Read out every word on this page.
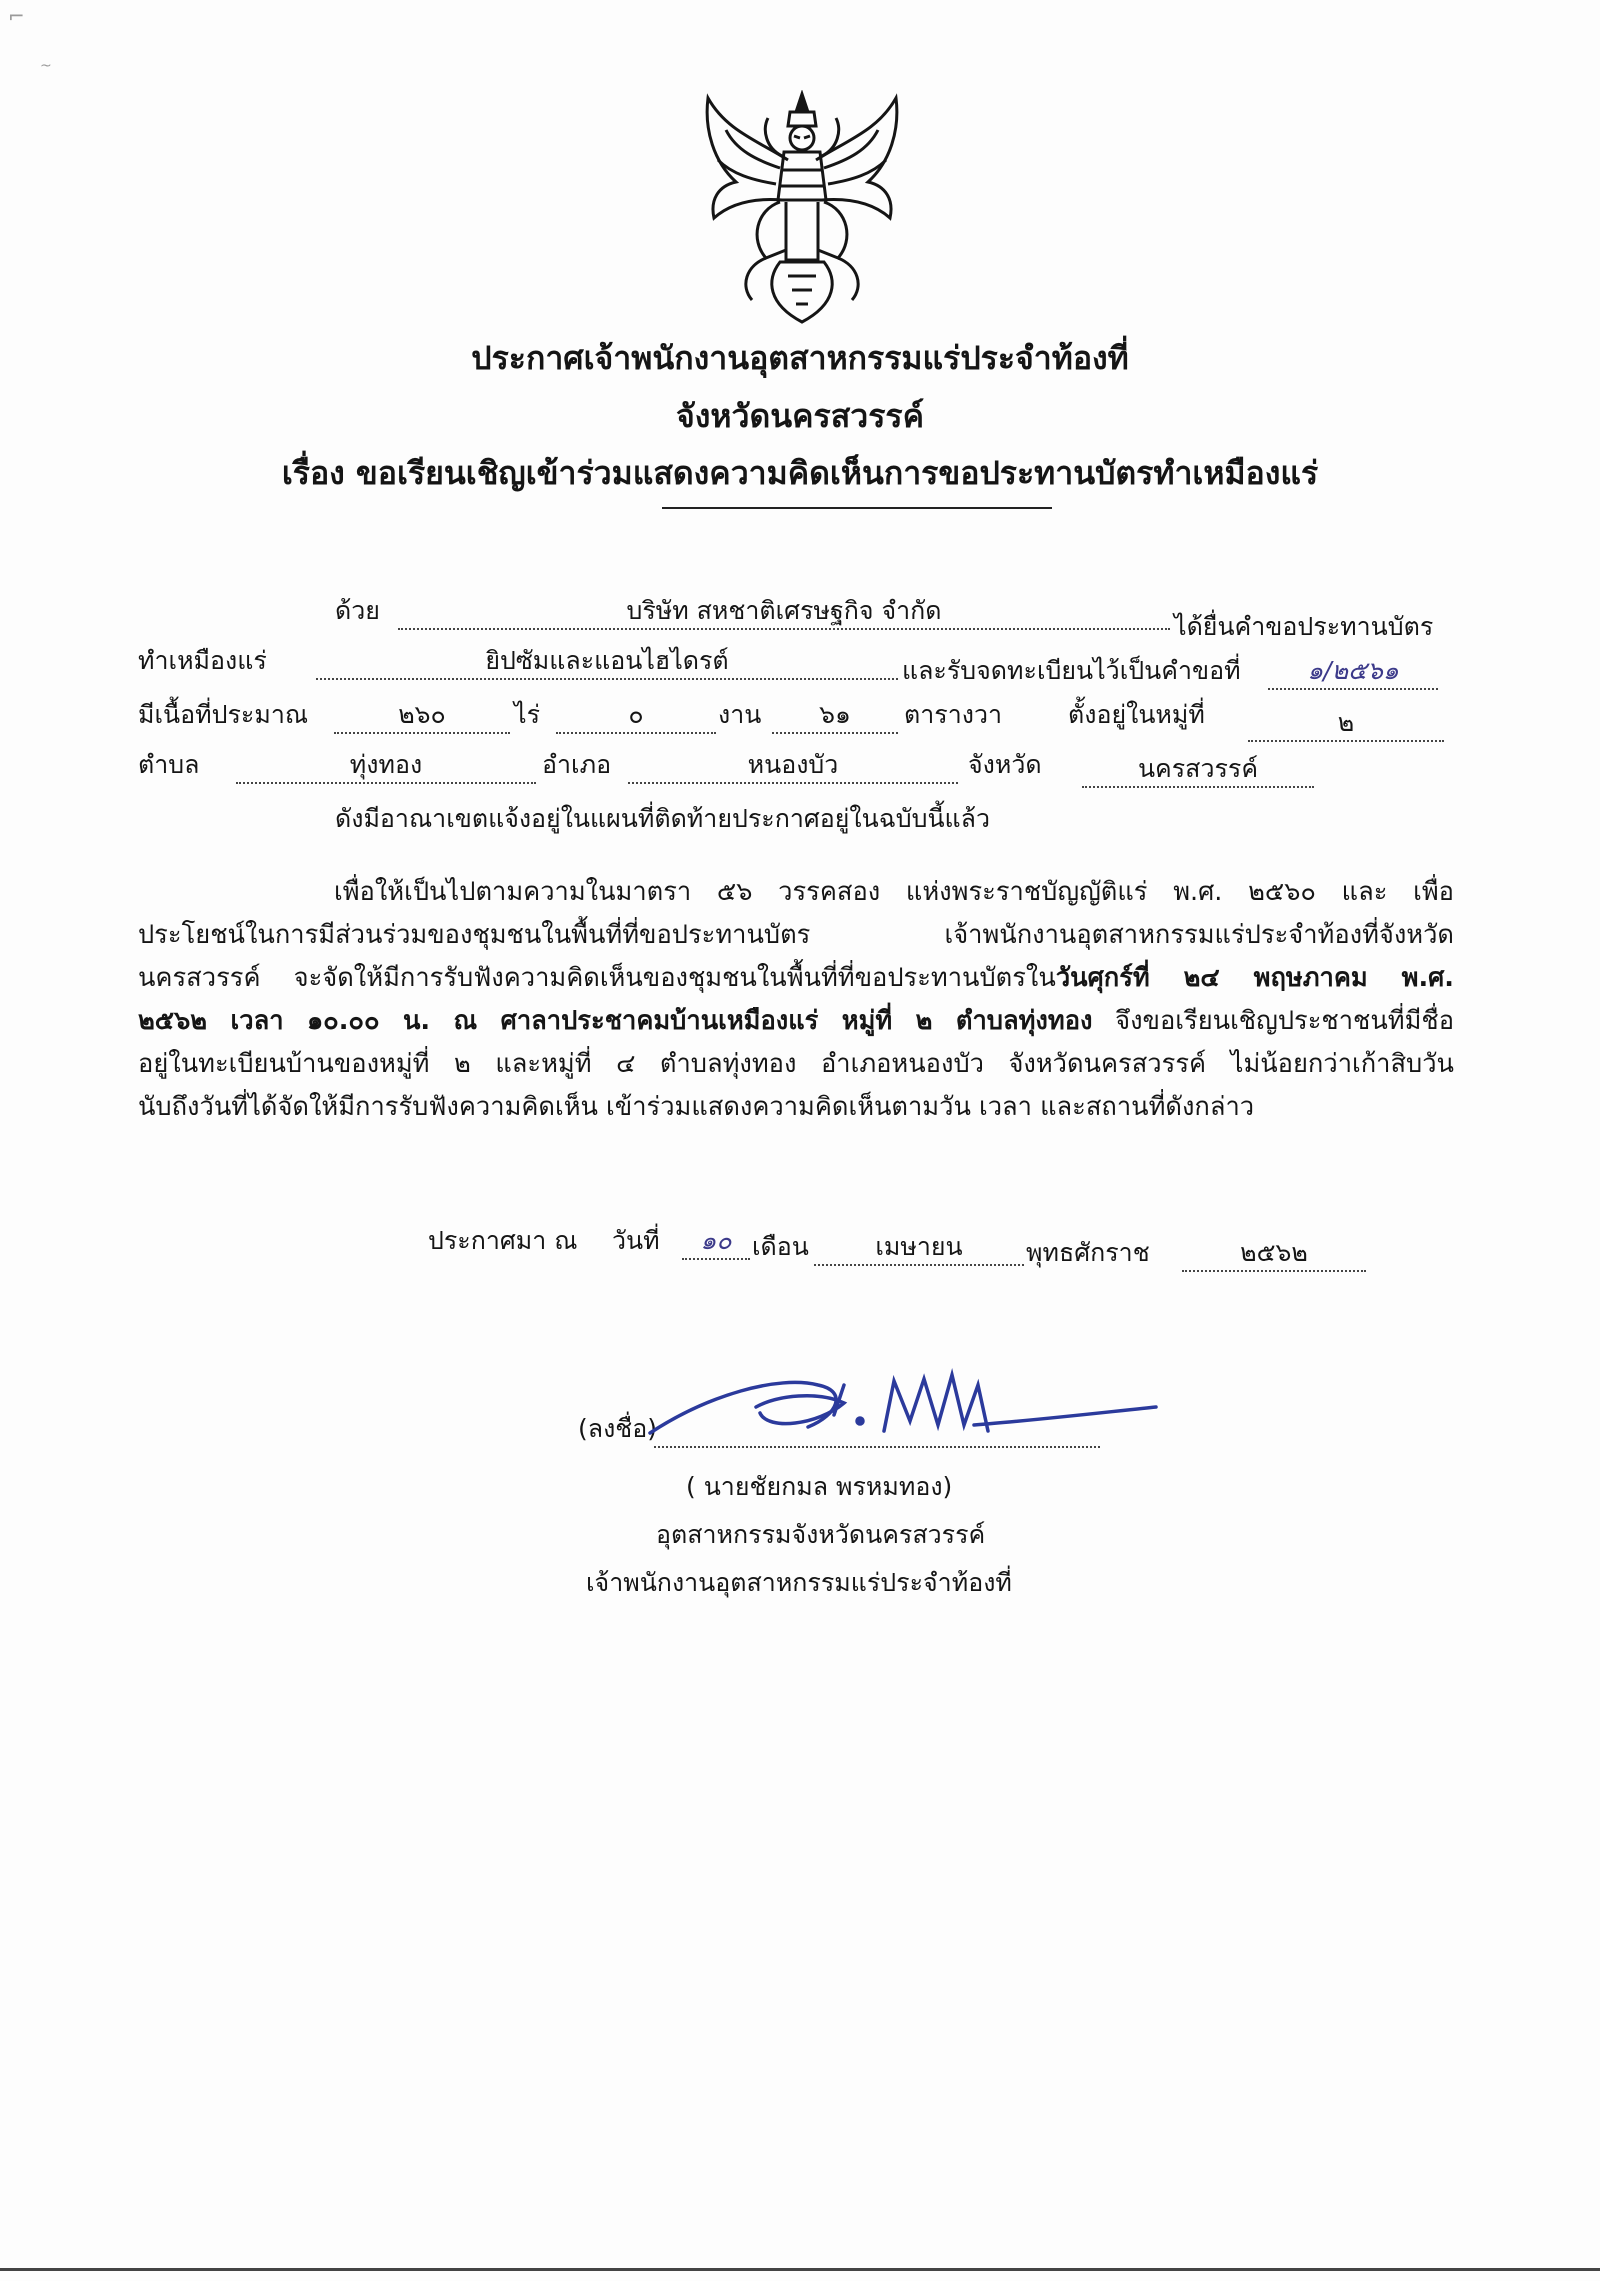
⌐
~
ประกาศเจ้าพนักงานอุตสาหกรรมแร่ประจำท้องที่
จังหวัดนครสวรรค์
เรื่อง ขอเรียนเชิญเข้าร่วมแสดงความคิดเห็นการขอประทานบัตรทำเหมืองแร่
ด้วย	บริษัท สหชาติเศรษฐกิจ จำกัด
ได้ยื่นคำขอประทานบัตร
ทำเหมืองแร่	ยิปซัมและแอนไฮไดรต์	และรับจดทะเบียนไว้เป็นคำขอที่	๑/๒๕๖๑
มีเนื้อที่ประมาณ	๒๖๐	ไร่	๐	งาน	๖๑	ตารางวา	ตั้งอยู่ในหมู่ที่	๒
ตำบล	ทุ่งทอง	อำเภอ	หนองบัว	จังหวัด	นครสวรรค์
ดังมีอาณาเขตแจ้งอยู่ในแผนที่ติดท้ายประกาศอยู่ในฉบับนี้แล้ว
เพื่อให้เป็นไปตามความในมาตรา ๕๖ วรรคสอง แห่งพระราชบัญญัติแร่ พ.ศ. ๒๕๖๐ และ เพื่อ
ประโยชน์ในการมีส่วนร่วมของชุมชนในพื้นที่ที่ขอประทานบัตร เจ้าพนักงานอุตสาหกรรมแร่ประจำท้องที่จังหวัด
นครสวรรค์ จะจัดให้มีการรับฟังความคิดเห็นของชุมชนในพื้นที่ที่ขอประทานบัตรในวันศุกร์ที่ ๒๔ พฤษภาคม พ.ศ.
๒๕๖๒ เวลา ๑๐.๐๐ น. ณ ศาลาประชาคมบ้านเหมืองแร่ หมู่ที่ ๒ ตำบลทุ่งทอง จึงขอเรียนเชิญประชาชนที่มีชื่อ
อยู่ในทะเบียนบ้านของหมู่ที่ ๒ และหมู่ที่ ๔ ตำบลทุ่งทอง อำเภอหนองบัว จังหวัดนครสวรรค์ ไม่น้อยกว่าเก้าสิบวัน
นับถึงวันที่ได้จัดให้มีการรับฟังความคิดเห็น เข้าร่วมแสดงความคิดเห็นตามวัน เวลา และสถานที่ดังกล่าว
ประกาศมา ณ วันที่	๑๐ เดือน	เมษายน	พุทธศักราช	๒๕๖๒
(ลงชื่อ)
( นายชัยกมล พรหมทอง)
อุตสาหกรรมจังหวัดนครสวรรค์
เจ้าพนักงานอุตสาหกรรมแร่ประจำท้องที่
